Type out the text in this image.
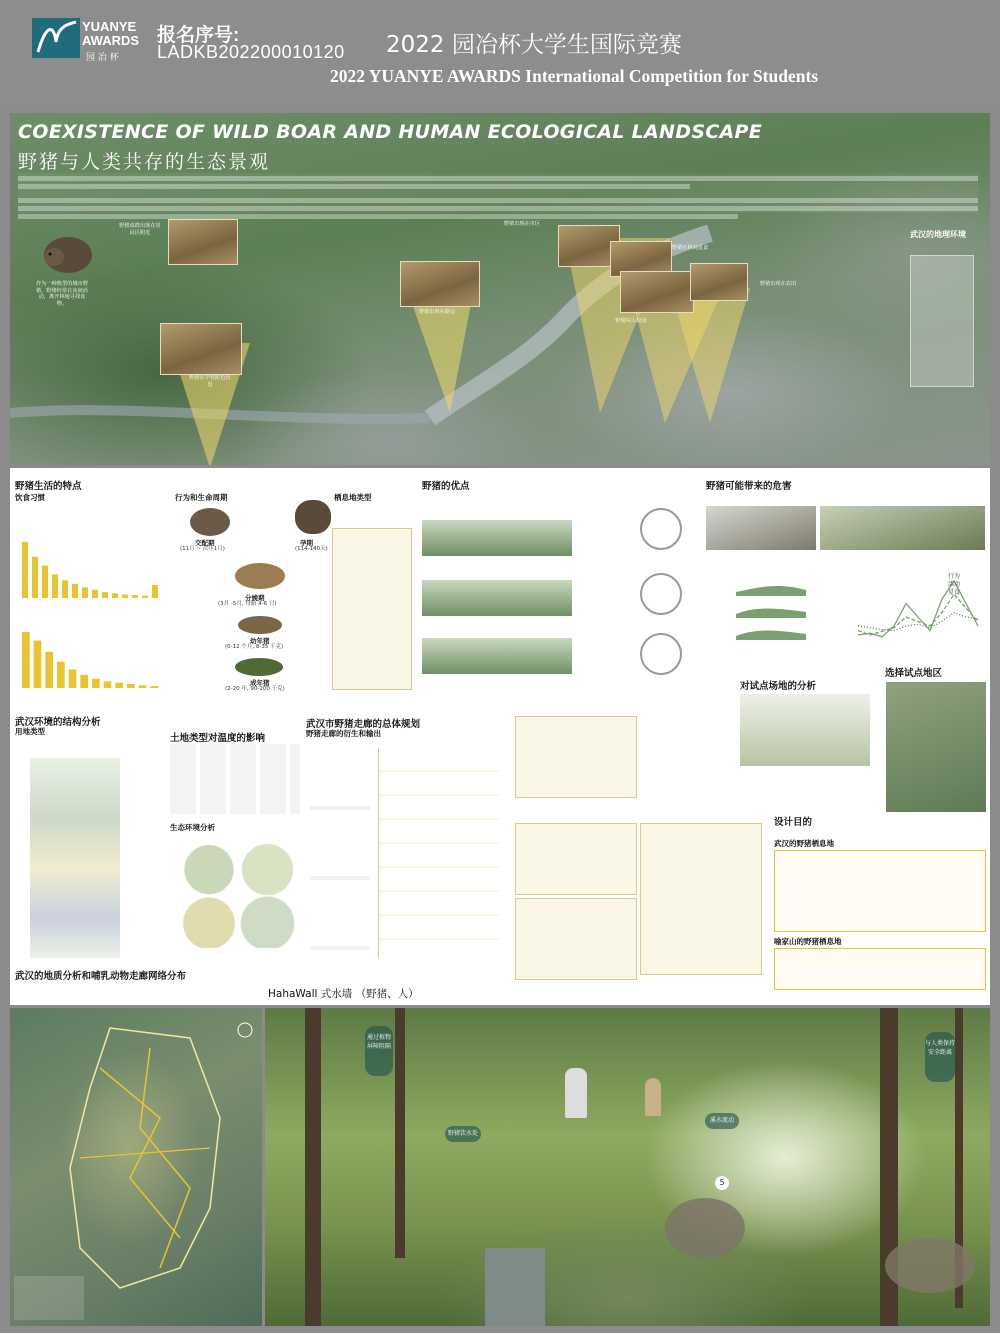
YUANYE
AWARDS
园 冶 杯
报名序号:
LADKB202200010120 2022 园冶杯大学生国际竞赛
2022 YUANYE AWARDS International Competition for Students
COEXISTENCE OF WILD BOAR AND HUMAN ECOLOGICAL LANDSCAPE
野猪与人类共存的生态景观
作为一种典型的城市野猪，野猪经常在夜间活动，离开林地寻找食物。
野猪成群出现在居民区附近
野猪在学校附近出没
野猪出现在路边
野猪出现在市区
野猪闯入校园
野猪在林间觅食
野猪出现在农田
武汉的地理环境
野猪生活的特点
饮食习惯	行为和生命周期
交配期
(11月 ~ 次年1月)
孕期
(114-140天)
分娩期
(3月 -5月, 每胎 4-6 只)
幼年猪
(0-12 个月, 8-35 千克)
成年猪
(2-20 年, 90-200 千克)
栖息地类型
野猪的优点	野猪可能带来的危害
行为
活动
觅食
选择试点地区
对试点场地的分析
武汉环境的结构分析
用地类型
土地类型对温度的影响
生态环境分析
武汉市野猪走廊的总体规划
野猪走廊的衍生和输出
设计目的
武汉的野猪栖息地
喻家山的野猪栖息地
武汉的地质分析和哺乳动物走廊网络分布
HahaWall 式水墙 （野猪、人）
通过植物屏障阻隔	与人类保持安全距离
溪水流动
野猪饮水处
5
